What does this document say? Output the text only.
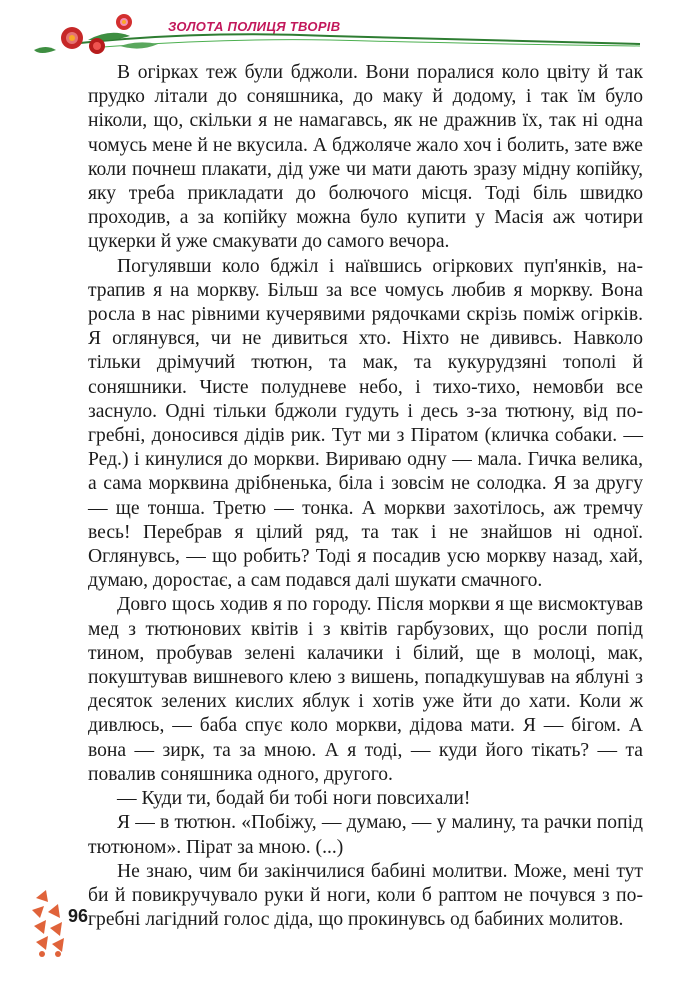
ЗОЛОТА ПОЛИЦЯ ТВОРІВ

В огірках теж були бджоли. Вони поралися коло цвіту й так прудко літали до соняшника, до маку й додому, і так їм було ніколи, що, скільки я не намагавсь, як не дражнив їх, так ні одна чомусь мене й не вкусила. А бджоляче жало хоч і болить, зате вже коли почнеш плакати, дід уже чи мати дають зразу мідну копійку, яку треба прикладати до болючого місця. Тоді біль швидко проходив, а за копійку можна було купити у Мaсія аж чотири цукерки й уже смакувати до самого вечора.

Погулявши коло бджіл і наївшись огіркових пуп'янків, натрапив я на моркву. Більш за все чомусь любив я моркву. Вона росла в нас рівними кучерявими рядочками скрізь поміж огірків. Я оглянувся, чи не дивиться хто. Ніхто не дививсь. Навколо тільки дрімучий тютюн, та мак, та кукурудзяні тополі й соняшники. Чисте полудневе небо, і тихо-тихо, немовби все заснуло. Одні тільки бджоли гудуть і десь з-за тютюну, від погребні, доносився дідів рик. Тут ми з Піратом (кличка собаки. — Ред.) і кинулися до моркви. Вириваю одну — мала. Гичка велика, а сама морквина дрібненька, біла і зовсім не солодка. Я за другу — ще тонша. Третю — тонка. А моркви захотілось, аж тремчу весь! Перебрав я цілий ряд, та так і не знайшов ні одної. Оглянувсь, — що робить? Тоді я посадив усю моркву назад, хай, думаю, доростає, а сам подався далі шукати смачного.

Довго щось ходив я по городу. Після моркви я ще висмоктував мед з тютюнових квітів і з квітів гарбузових, що росли попід тином, пробував зелені калачики і білий, ще в молоці, мак, покуштував вишневого клею з вишень, попадкушував на яблуні з десяток зелених кислих яблук і хотів уже йти до хати. Коли ж дивлюсь, — баба спує коло моркви, дідова мати. Я — бігом. А вона — зирк, та за мною. А я тоді, — куди його тікать? — та повалив соняшника одного, другого.

— Куди ти, бодай би тобі ноги повсихали!

Я — в тютюн. «Побіжу, — думаю, — у малину, та рачки попід тютюном». Пірат за мною. (...)

Не знаю, чим би закінчилися бабині молитви. Може, мені тут би й повикручувало руки й ноги, коли б раптом не почувся з погребні лагідний голос діда, що прокинувсь од бабиних молитов.

96
